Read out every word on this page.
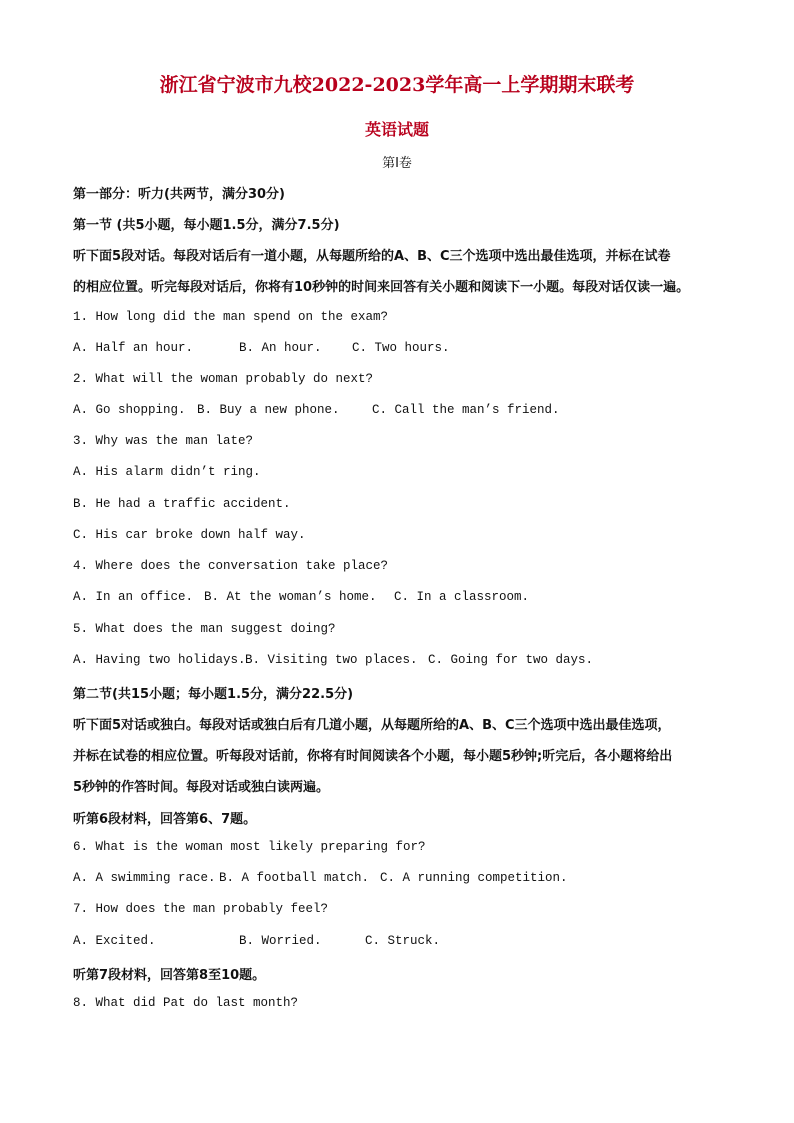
浙江省宁波市九校2022-2023学年高一上学期期末联考
英语试题
第I卷
第一部分：听力(共两节，满分30分)
第一节 (共5小题，每小题1.5分，满分7.5分)
听下面5段对话。每段对话后有一道小题，从每题所给的A、B、C三个选项中选出最佳选项，并标在试卷
的相应位置。听完每段对话后，你将有10秒钟的时间来回答有关小题和阅读下一小题。每段对话仅读一遍。
1. How long did the man spend on the exam?
A. Half an hour.	B. An hour. C. Two hours.
2. What will the woman probably do next?
A. Go shopping. B. Buy a new phone.	C. Call the man’s friend.
3. Why was the man late?
A. His alarm didn’t ring.
B. He had a traffic accident.
C. His car broke down half way.
4. Where does the conversation take place?
A. In an office. B. At the woman’s home. C. In a classroom.
5. What does the man suggest doing?
A. Having two holidays. B. Visiting two places. C. Going for two days.
第二节(共15小题；每小题1.5分，满分22.5分)
听下面5对话或独白。每段对话或独白后有几道小题，从每题所给的A、B、C三个选项中选出最佳选项，
并标在试卷的相应位置。听每段对话前，你将有时间阅读各个小题，每小题5秒钟;听完后，各小题将给出
5秒钟的作答时间。每段对话或独白读两遍。
听第6段材料，回答第6、7题。
6. What is the woman most likely preparing for?
A. A swimming race. B. A football match. C. A running competition.
7. How does the man probably feel?
A. Excited.	B. Worried.	C. Struck.
听第7段材料，回答第8至10题。
8. What did Pat do last month?
